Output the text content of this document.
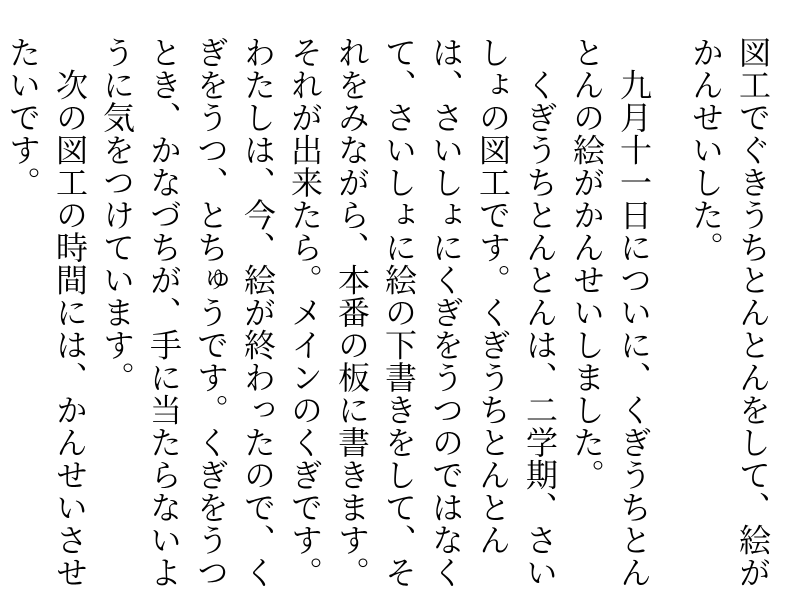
図工でぐきうちとんとんをして、絵が
かんせいした。
　九月十一日についに、くぎうちとん
とんの絵がかんせいしました。
　くぎうちとんとんは、二学期、さい
しょの図工です。くぎうちとんとん
は、さいしょにくぎをうつのではなく
て、さいしょに絵の下書きをして、そ
れをみながら、本番の板に書きます。
それが出来たら。メインのくぎです。
わたしは、今、絵が終わったので、く
ぎをうつ、とちゅうです。くぎをうつ
とき、かなづちが、手に当たらないよ
うに気をつけています。
　次の図工の時間には、かんせいさせ
たいです。
